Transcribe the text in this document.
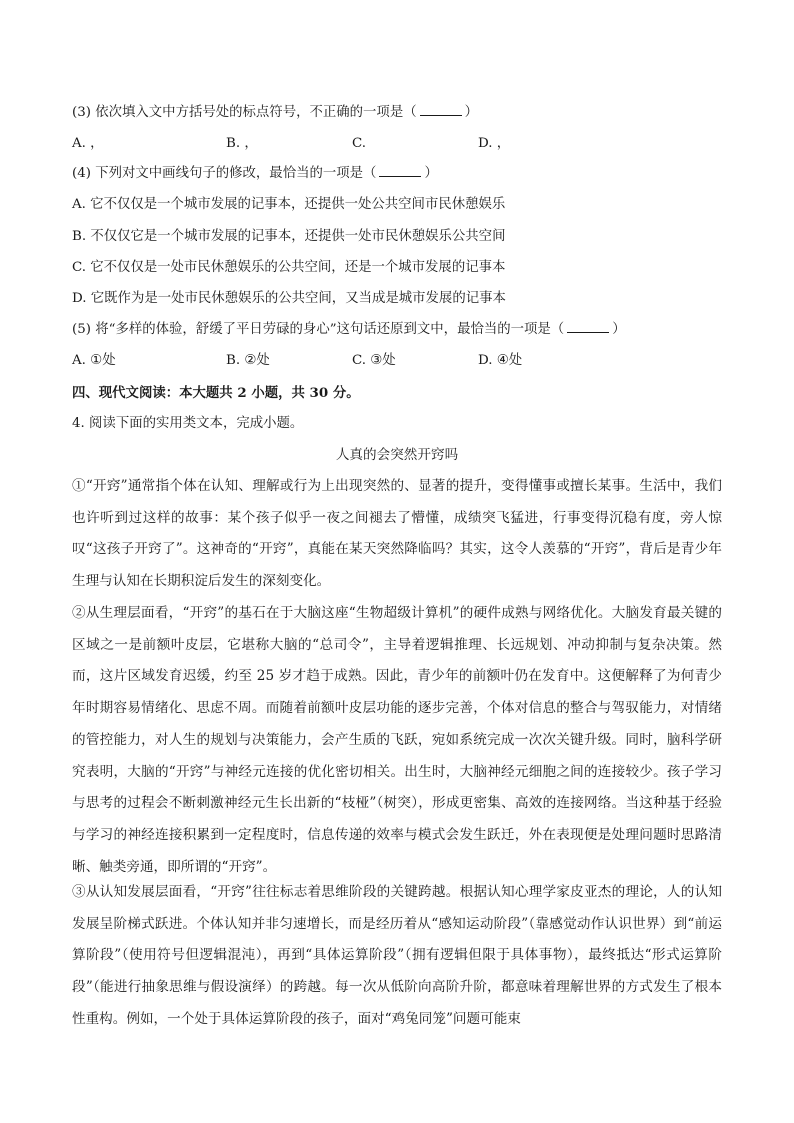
(3) 依次填入文中方括号处的标点符号，不正确的一项是（	）
A. ，	B. ，	C.	D. ，
(4) 下列对文中画线句子的修改，最恰当的一项是（	）
A. 它不仅仅是一个城市发展的记事本，还提供一处公共空间市民休憩娱乐
B. 不仅仅它是一个城市发展的记事本，还提供一处市民休憩娱乐公共空间
C. 它不仅仅是一处市民休憩娱乐的公共空间，还是一个城市发展的记事本
D. 它既作为是一处市民休憩娱乐的公共空间，又当成是城市发展的记事本
(5) 将“多样的体验，舒缓了平日劳碌的身心”这句话还原到文中，最恰当的一项是（	）
A. ①处	B. ②处	C. ③处	D. ④处
四、现代文阅读：本大题共 2 小题，共 30 分。
4. 阅读下面的实用类文本，完成小题。
人真的会突然开窍吗
①“开窍”通常指个体在认知、理解或行为上出现突然的、显著的提升，变得懂事或擅长某事。生活中，我们也许听到过这样的故事：某个孩子似乎一夜之间褪去了懵懂，成绩突飞猛进，行事变得沉稳有度，旁人惊叹“这孩子开窍了”。这神奇的“开窍”，真能在某天突然降临吗？其实，这令人羡慕的“开窍”，背后是青少年生理与认知在长期积淀后发生的深刻变化。
②从生理层面看，“开窍”的基石在于大脑这座“生物超级计算机”的硬件成熟与网络优化。大脑发育最关键的区域之一是前额叶皮层，它堪称大脑的“总司令”，主导着逻辑推理、长远规划、冲动抑制与复杂决策。然而，这片区域发育迟缓，约至 25 岁才趋于成熟。因此，青少年的前额叶仍在发育中。这便解释了为何青少年时期容易情绪化、思虑不周。而随着前额叶皮层功能的逐步完善，个体对信息的整合与驾驭能力，对情绪的管控能力，对人生的规划与决策能力，会产生质的飞跃，宛如系统完成一次次关键升级。同时，脑科学研究表明，大脑的“开窍”与神经元连接的优化密切相关。出生时，大脑神经元细胞之间的连接较少。孩子学习与思考的过程会不断刺激神经元生长出新的“枝桠”（树突），形成更密集、高效的连接网络。当这种基于经验与学习的神经连接积累到一定程度时，信息传递的效率与模式会发生跃迁，外在表现便是处理问题时思路清晰、触类旁通，即所谓的“开窍”。
③从认知发展层面看，“开窍”往往标志着思维阶段的关键跨越。根据认知心理学家皮亚杰的理论，人的认知发展呈阶梯式跃进。个体认知并非匀速增长，而是经历着从“感知运动阶段”（靠感觉动作认识世界）到“前运算阶段”（使用符号但逻辑混沌），再到“具体运算阶段”（拥有逻辑但限于具体事物），最终抵达“形式运算阶段”（能进行抽象思维与假设演绎）的跨越。每一次从低阶向高阶升阶，都意味着理解世界的方式发生了根本性重构。例如，一个处于具体运算阶段的孩子，面对“鸡兔同笼”问题可能束
